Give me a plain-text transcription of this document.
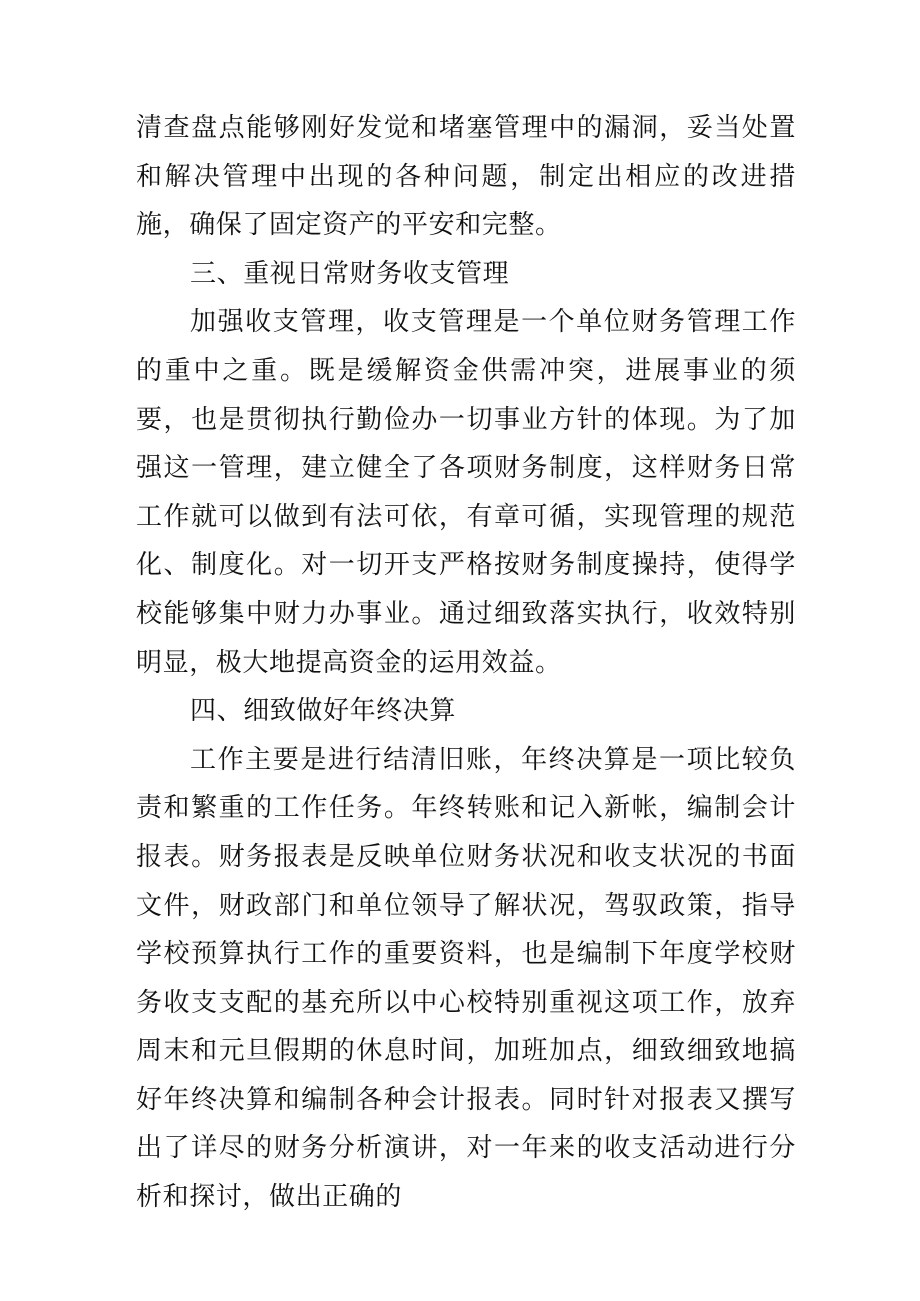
清查盘点能够刚好发觉和堵塞管理中的漏洞，妥当处置和解决管理中出现的各种问题，制定出相应的改进措施，确保了固定资产的平安和完整。

三、重视日常财务收支管理

加强收支管理，收支管理是一个单位财务管理工作的重中之重。既是缓解资金供需冲突，进展事业的须要，也是贯彻执行勤俭办一切事业方针的体现。为了加强这一管理，建立健全了各项财务制度，这样财务日常工作就可以做到有法可依，有章可循，实现管理的规范化、制度化。对一切开支严格按财务制度操持，使得学校能够集中财力办事业。通过细致落实执行，收效特别明显，极大地提高资金的运用效益。

四、细致做好年终决算

工作主要是进行结清旧账，年终决算是一项比较负责和繁重的工作任务。年终转账和记入新帐，编制会计报表。财务报表是反映单位财务状况和收支状况的书面文件，财政部门和单位领导了解状况，驾驭政策，指导学校预算执行工作的重要资料，也是编制下年度学校财务收支支配的基充所以中心校特别重视这项工作，放弃周末和元旦假期的休息时间，加班加点，细致细致地搞好年终决算和编制各种会计报表。同时针对报表又撰写出了详尽的财务分析演讲，对一年来的收支活动进行分析和探讨，做出正确的
